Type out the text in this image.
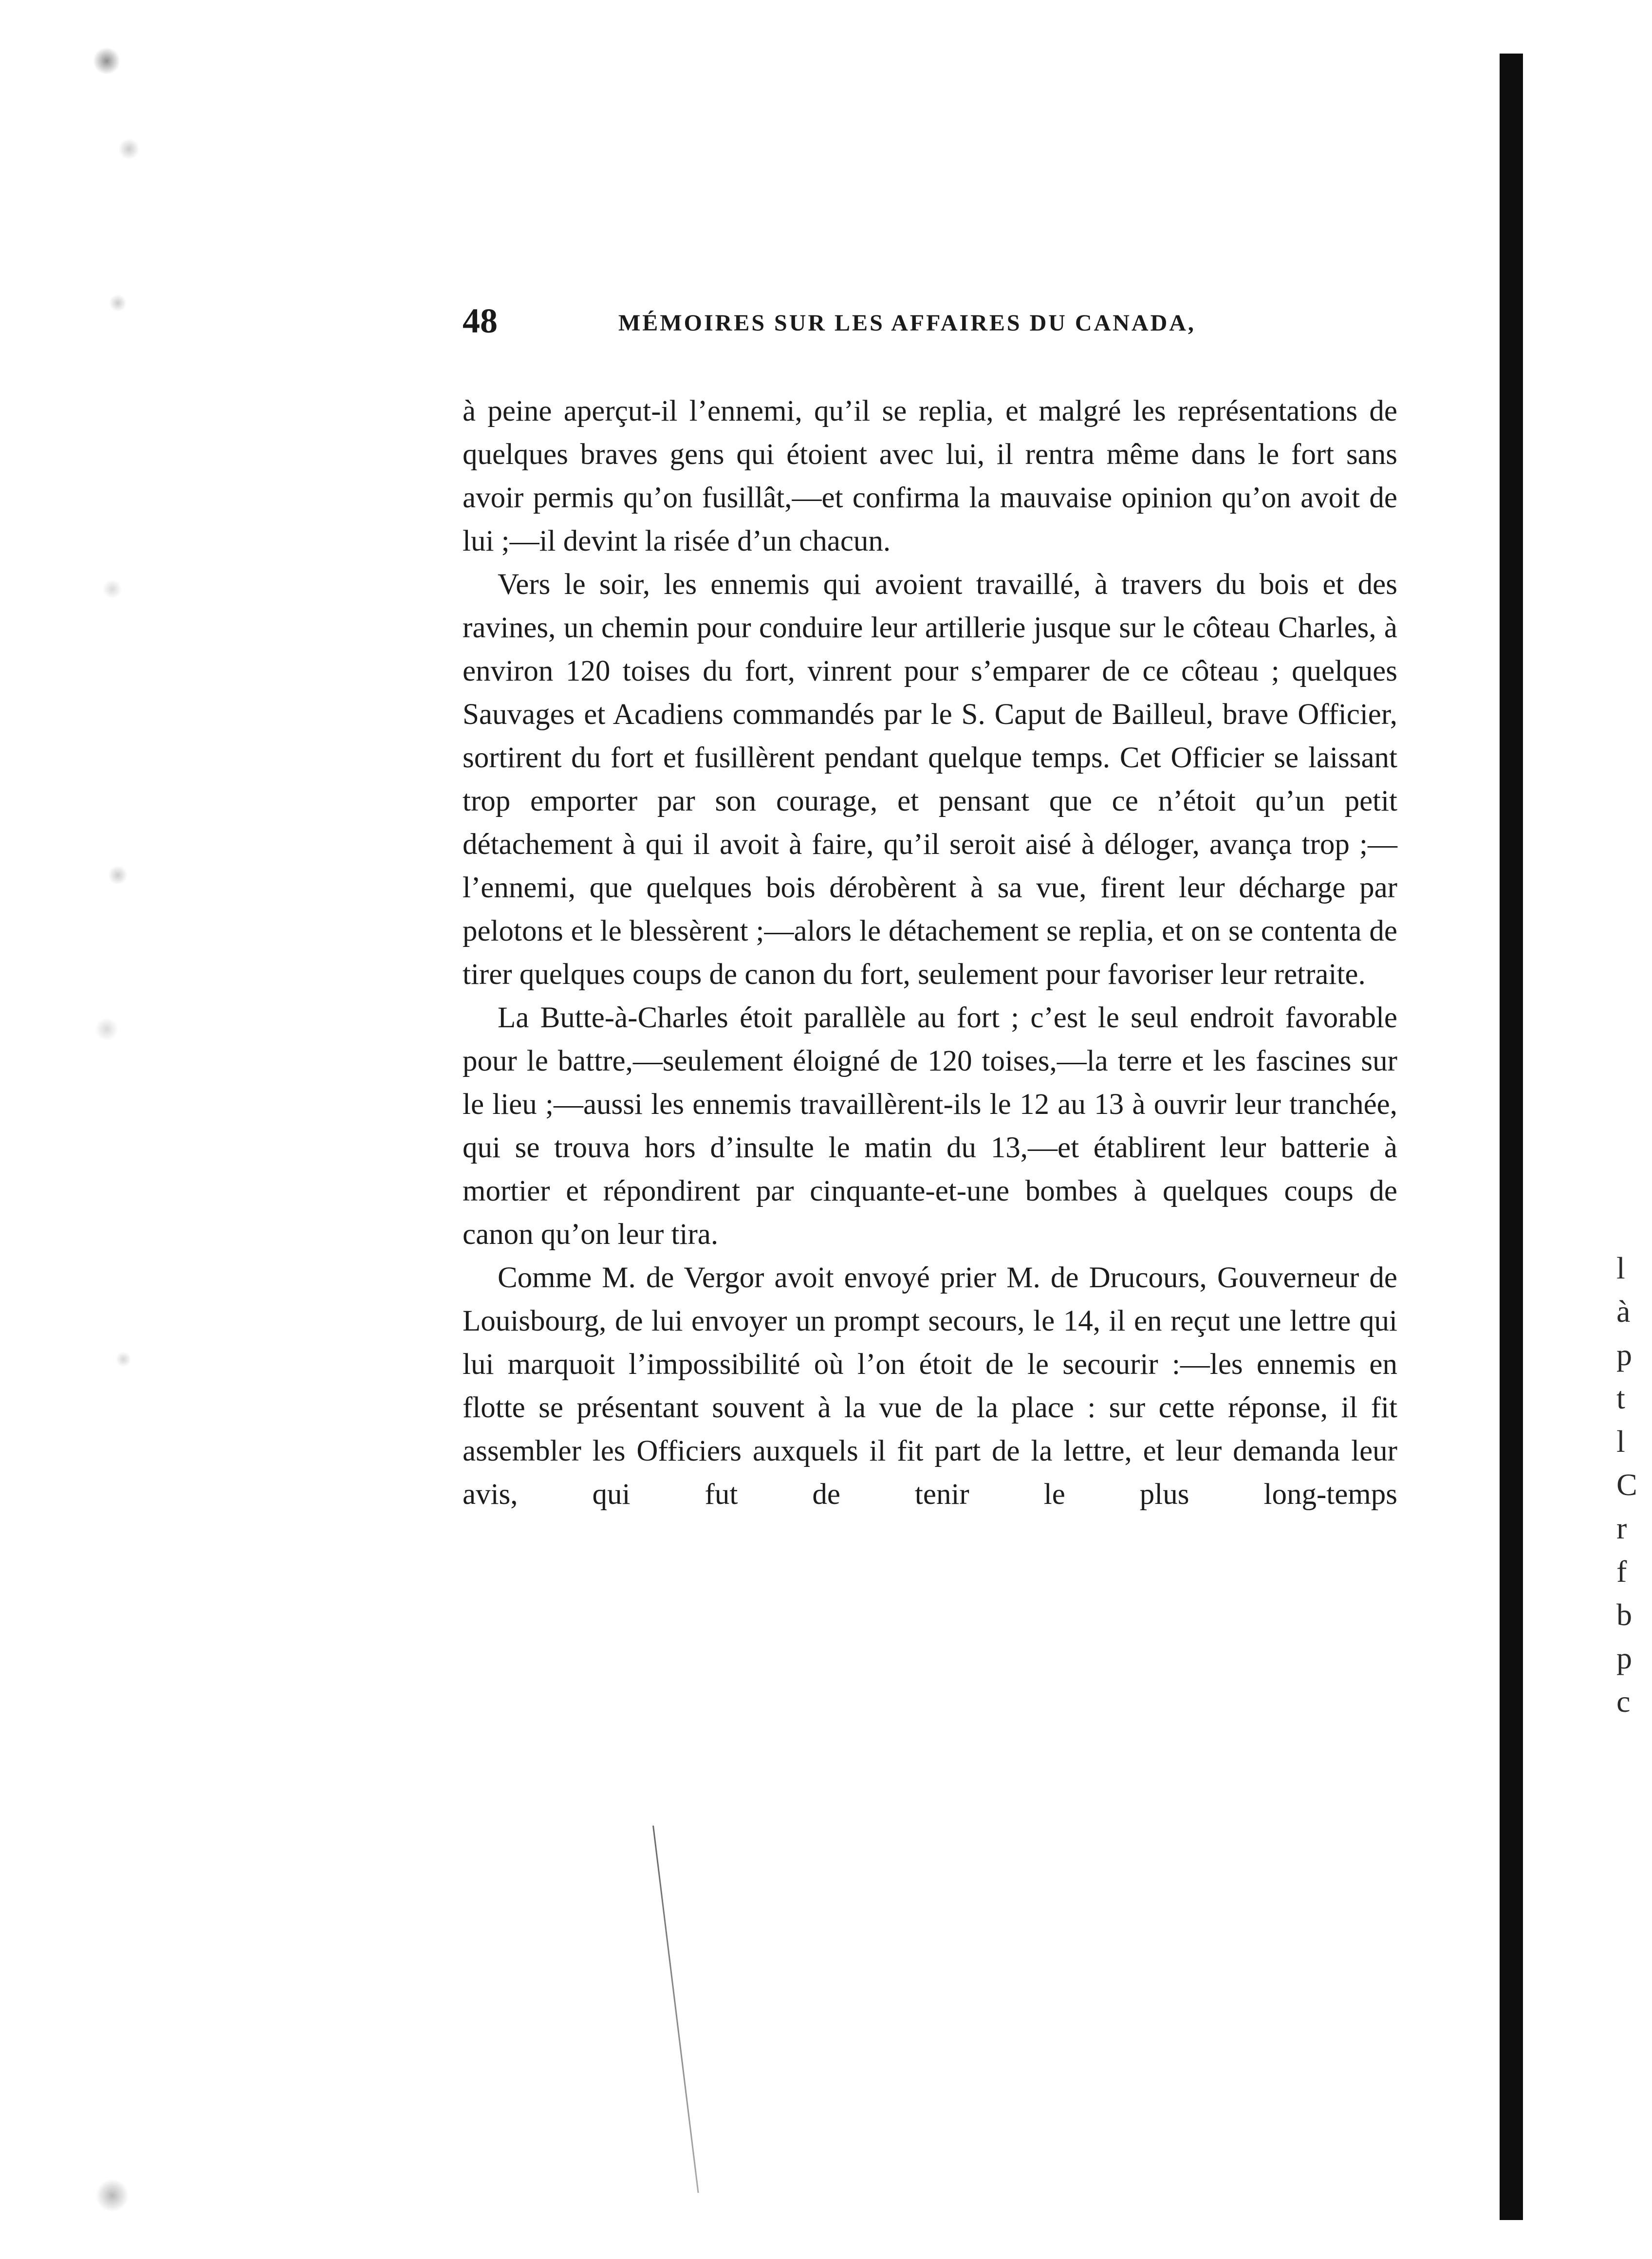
48	MÉMOIRES SUR LES AFFAIRES DU CANADA,

à peine aperçut-il l’ennemi, qu’il se replia, et malgré les représentations de quelques braves gens qui étoient avec lui, il rentra même dans le fort sans avoir permis qu’on fusillât,—et confirma la mauvaise opinion qu’on avoit de lui ;—il devint la risée d’un chacun.

Vers le soir, les ennemis qui avoient travaillé, à travers du bois et des ravines, un chemin pour conduire leur artillerie jusque sur le côteau Charles, à environ 120 toises du fort, vinrent pour s’emparer de ce côteau ; quelques Sauvages et Acadiens commandés par le S. Caput de Bailleul, brave Officier, sortirent du fort et fusillèrent pendant quelque temps. Cet Officier se laissant trop emporter par son courage, et pensant que ce n’étoit qu’un petit détachement à qui il avoit à faire, qu’il seroit aisé à déloger, avança trop ;—l’ennemi, que quelques bois dérobèrent à sa vue, firent leur décharge par pelotons et le blessèrent ;—alors le détachement se replia, et on se contenta de tirer quelques coups de canon du fort, seulement pour favoriser leur retraite.

La Butte-à-Charles étoit parallèle au fort ; c’est le seul endroit favorable pour le battre,—seulement éloigné de 120 toises,—la terre et les fascines sur le lieu ;—aussi les ennemis travaillèrent-ils le 12 au 13 à ouvrir leur tranchée, qui se trouva hors d’insulte le matin du 13,—et établirent leur batterie à mortier et répondirent par cinquante-et-une bombes à quelques coups de canon qu’on leur tira.

Comme M. de Vergor avoit envoyé prier M. de Drucours, Gouverneur de Louisbourg, de lui envoyer un prompt secours, le 14, il en reçut une lettre qui lui marquoit l’impossibilité où l’on étoit de le secourir :—les ennemis en flotte se présentant souvent à la vue de la place : sur cette réponse, il fit assembler les Officiers auxquels il fit part de la lettre, et leur demanda leur avis, qui fut de tenir le plus long-temps

l
à
p
t
l
C
r
f
b
p
c
